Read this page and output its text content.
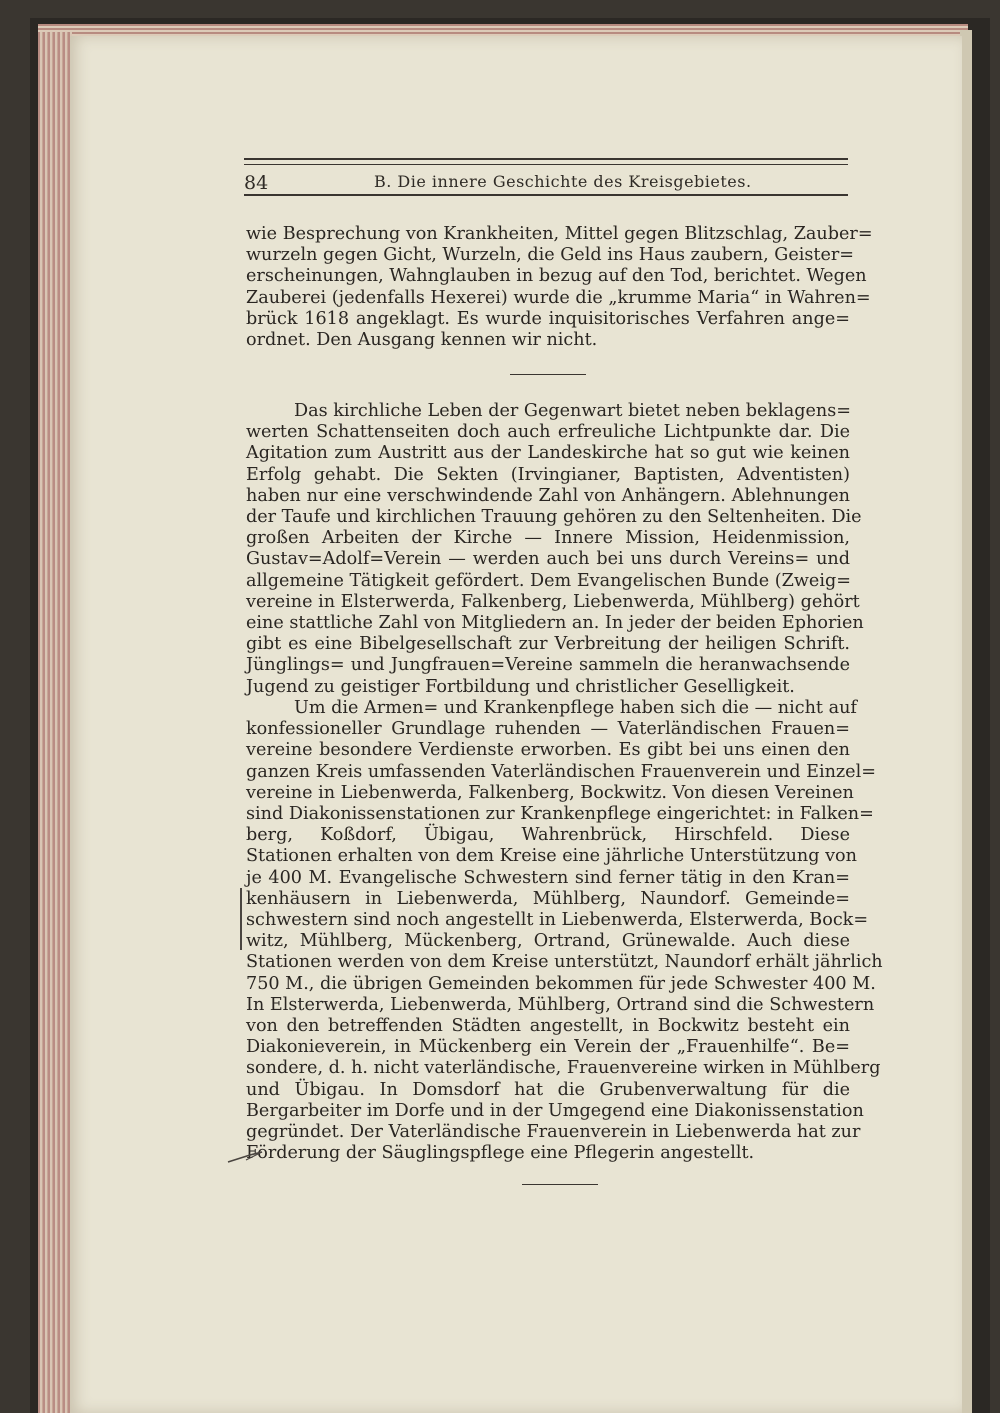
84	B. Die innere Geschichte des Kreisgebietes.
wie Besprechung von Krankheiten, Mittel gegen Blitzschlag, Zauber=
wurzeln gegen Gicht, Wurzeln, die Geld ins Haus zaubern, Geister=
erscheinungen, Wahnglauben in bezug auf den Tod, berichtet. Wegen
Zauberei (jedenfalls Hexerei) wurde die „krumme Maria“ in Wahren=
brück 1618 angeklagt. Es wurde inquisitorisches Verfahren ange=
ordnet. Den Ausgang kennen wir nicht.
Das kirchliche Leben der Gegenwart bietet neben beklagens=
werten Schattenseiten doch auch erfreuliche Lichtpunkte dar. Die
Agitation zum Austritt aus der Landeskirche hat so gut wie keinen
Erfolg gehabt. Die Sekten (Irvingianer, Baptisten, Adventisten)
haben nur eine verschwindende Zahl von Anhängern. Ablehnungen
der Taufe und kirchlichen Trauung gehören zu den Seltenheiten. Die
großen Arbeiten der Kirche — Innere Mission, Heidenmission,
Gustav=Adolf=Verein — werden auch bei uns durch Vereins= und
allgemeine Tätigkeit gefördert. Dem Evangelischen Bunde (Zweig=
vereine in Elsterwerda, Falkenberg, Liebenwerda, Mühlberg) gehört
eine stattliche Zahl von Mitgliedern an. In jeder der beiden Ephorien
gibt es eine Bibelgesellschaft zur Verbreitung der heiligen Schrift.
Jünglings= und Jungfrauen=Vereine sammeln die heranwachsende
Jugend zu geistiger Fortbildung und christlicher Geselligkeit.
Um die Armen= und Krankenpflege haben sich die — nicht auf
konfessioneller Grundlage ruhenden — Vaterländischen Frauen=
vereine besondere Verdienste erworben. Es gibt bei uns einen den
ganzen Kreis umfassenden Vaterländischen Frauenverein und Einzel=
vereine in Liebenwerda, Falkenberg, Bockwitz. Von diesen Vereinen
sind Diakonissenstationen zur Krankenpflege eingerichtet: in Falken=
berg, Koßdorf, Übigau, Wahrenbrück, Hirschfeld. Diese
Stationen erhalten von dem Kreise eine jährliche Unterstützung von
je 400 M. Evangelische Schwestern sind ferner tätig in den Kran=
kenhäusern in Liebenwerda, Mühlberg, Naundorf. Gemeinde=
schwestern sind noch angestellt in Liebenwerda, Elsterwerda, Bock=
witz, Mühlberg, Mückenberg, Ortrand, Grünewalde. Auch diese
Stationen werden von dem Kreise unterstützt, Naundorf erhält jährlich
750 M., die übrigen Gemeinden bekommen für jede Schwester 400 M.
In Elsterwerda, Liebenwerda, Mühlberg, Ortrand sind die Schwestern
von den betreffenden Städten angestellt, in Bockwitz besteht ein
Diakonieverein, in Mückenberg ein Verein der „Frauenhilfe“. Be=
sondere, d. h. nicht vaterländische, Frauenvereine wirken in Mühlberg
und Übigau. In Domsdorf hat die Grubenverwaltung für die
Bergarbeiter im Dorfe und in der Umgegend eine Diakonissenstation
gegründet. Der Vaterländische Frauenverein in Liebenwerda hat zur
Förderung der Säuglingspflege eine Pflegerin angestellt.
